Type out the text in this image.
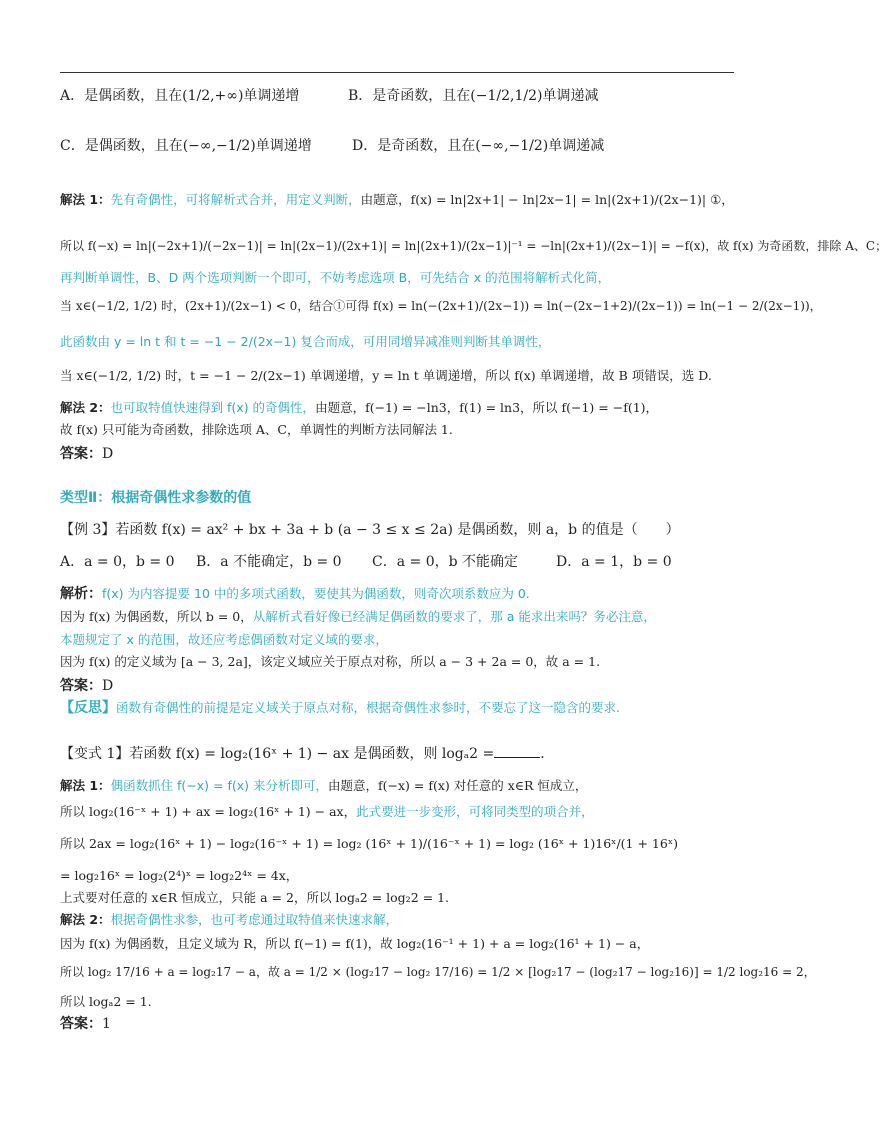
A．是偶函数，且在(1/2,+∞)单调递增	B．是奇函数，且在(−1/2,1/2)单调递减
C．是偶函数，且在(−∞,−1/2)单调递增	D．是奇函数，且在(−∞,−1/2)单调递减
解法 1：先有奇偶性，可将解析式合并，用定义判断，由题意，f(x) = ln|2x+1| − ln|2x−1| = ln|(2x+1)/(2x−1)| ①，
所以 f(−x) = ln|(−2x+1)/(−2x−1)| = ln|(2x−1)/(2x+1)| = ln|(2x+1)/(2x−1)|⁻¹ = −ln|(2x+1)/(2x−1)| = −f(x)，故 f(x) 为奇函数，排除 A、C；
再判断单调性，B、D 两个选项判断一个即可，不妨考虑选项 B，可先结合 x 的范围将解析式化简，
当 x∈(−1/2, 1/2) 时，(2x+1)/(2x−1) < 0，结合①可得 f(x) = ln(−(2x+1)/(2x−1)) = ln(−(2x−1+2)/(2x−1)) = ln(−1 − 2/(2x−1))，
此函数由 y = ln t 和 t = −1 − 2/(2x−1) 复合而成，可用同增异减准则判断其单调性，
当 x∈(−1/2, 1/2) 时，t = −1 − 2/(2x−1) 单调递增，y = ln t 单调递增，所以 f(x) 单调递增，故 B 项错误，选 D.
解法 2：也可取特值快速得到 f(x) 的奇偶性，由题意，f(−1) = −ln3，f(1) = ln3，所以 f(−1) = −f(1)，
故 f(x) 只可能为奇函数，排除选项 A、C，单调性的判断方法同解法 1.
答案：D
类型Ⅱ：根据奇偶性求参数的值
【例 3】若函数 f(x) = ax² + bx + 3a + b (a − 3 ≤ x ≤ 2a) 是偶函数，则 a，b 的值是（　　）
A．a = 0，b = 0 B．a 不能确定，b = 0 C．a = 0，b 不能确定	D．a = 1，b = 0
解析：f(x) 为内容提要 10 中的多项式函数，要使其为偶函数，则奇次项系数应为 0.
因为 f(x) 为偶函数，所以 b = 0，从解析式看好像已经满足偶函数的要求了，那 a 能求出来吗？务必注意，
本题规定了 x 的范围，故还应考虑偶函数对定义域的要求，
因为 f(x) 的定义域为 [a − 3, 2a]，该定义域应关于原点对称，所以 a − 3 + 2a = 0，故 a = 1.
答案：D
【反思】函数有奇偶性的前提是定义域关于原点对称，根据奇偶性求参时，不要忘了这一隐含的要求.
【变式 1】若函数 f(x) = log₂(16ˣ + 1) − ax 是偶函数，则 logₐ2 =	.
解法 1：偶函数抓住 f(−x) = f(x) 来分析即可，由题意，f(−x) = f(x) 对任意的 x∈R 恒成立，
所以 log₂(16⁻ˣ + 1) + ax = log₂(16ˣ + 1) − ax，此式要进一步变形，可将同类型的项合并，
所以 2ax = log₂(16ˣ + 1) − log₂(16⁻ˣ + 1) = log₂ (16ˣ + 1)/(16⁻ˣ + 1) = log₂ (16ˣ + 1)16ˣ/(1 + 16ˣ)
= log₂16ˣ = log₂(2⁴)ˣ = log₂2⁴ˣ = 4x，
上式要对任意的 x∈R 恒成立，只能 a = 2，所以 logₐ2 = log₂2 = 1.
解法 2：根据奇偶性求参，也可考虑通过取特值来快速求解，
因为 f(x) 为偶函数，且定义域为 R，所以 f(−1) = f(1)，故 log₂(16⁻¹ + 1) + a = log₂(16¹ + 1) − a，
所以 log₂ 17/16 + a = log₂17 − a，故 a = 1/2 × (log₂17 − log₂ 17/16) = 1/2 × [log₂17 − (log₂17 − log₂16)] = 1/2 log₂16 = 2，
所以 logₐ2 = 1.
答案：1
